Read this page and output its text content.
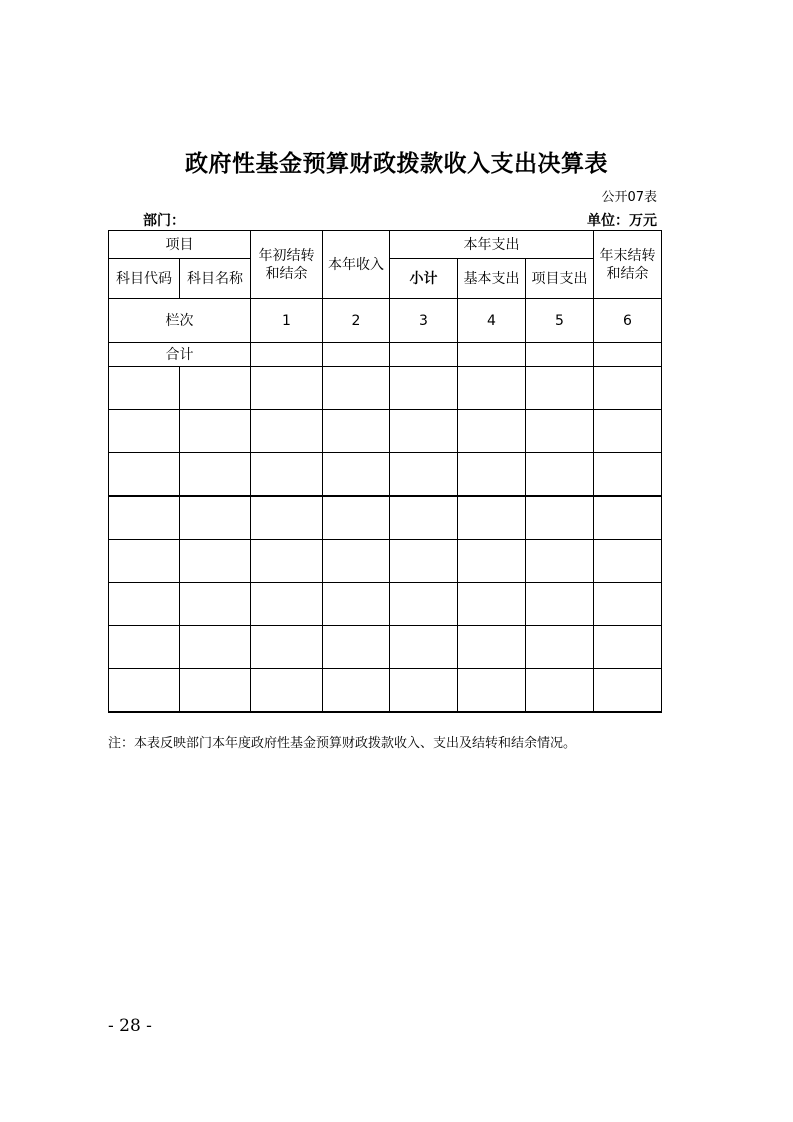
政府性基金预算财政拨款收入支出决算表
公开07表
部门：	单位：万元
项目		年初结转和结余	本年收入	本年支出			年末结转和结余

科目代码	科目名称			小计	基本支出	项目支出	
栏次		1	2	3	4	5	6
合计							

注：本表反映部门本年度政府性基金预算财政拨款收入、支出及结转和结余情况。
- 28 -
